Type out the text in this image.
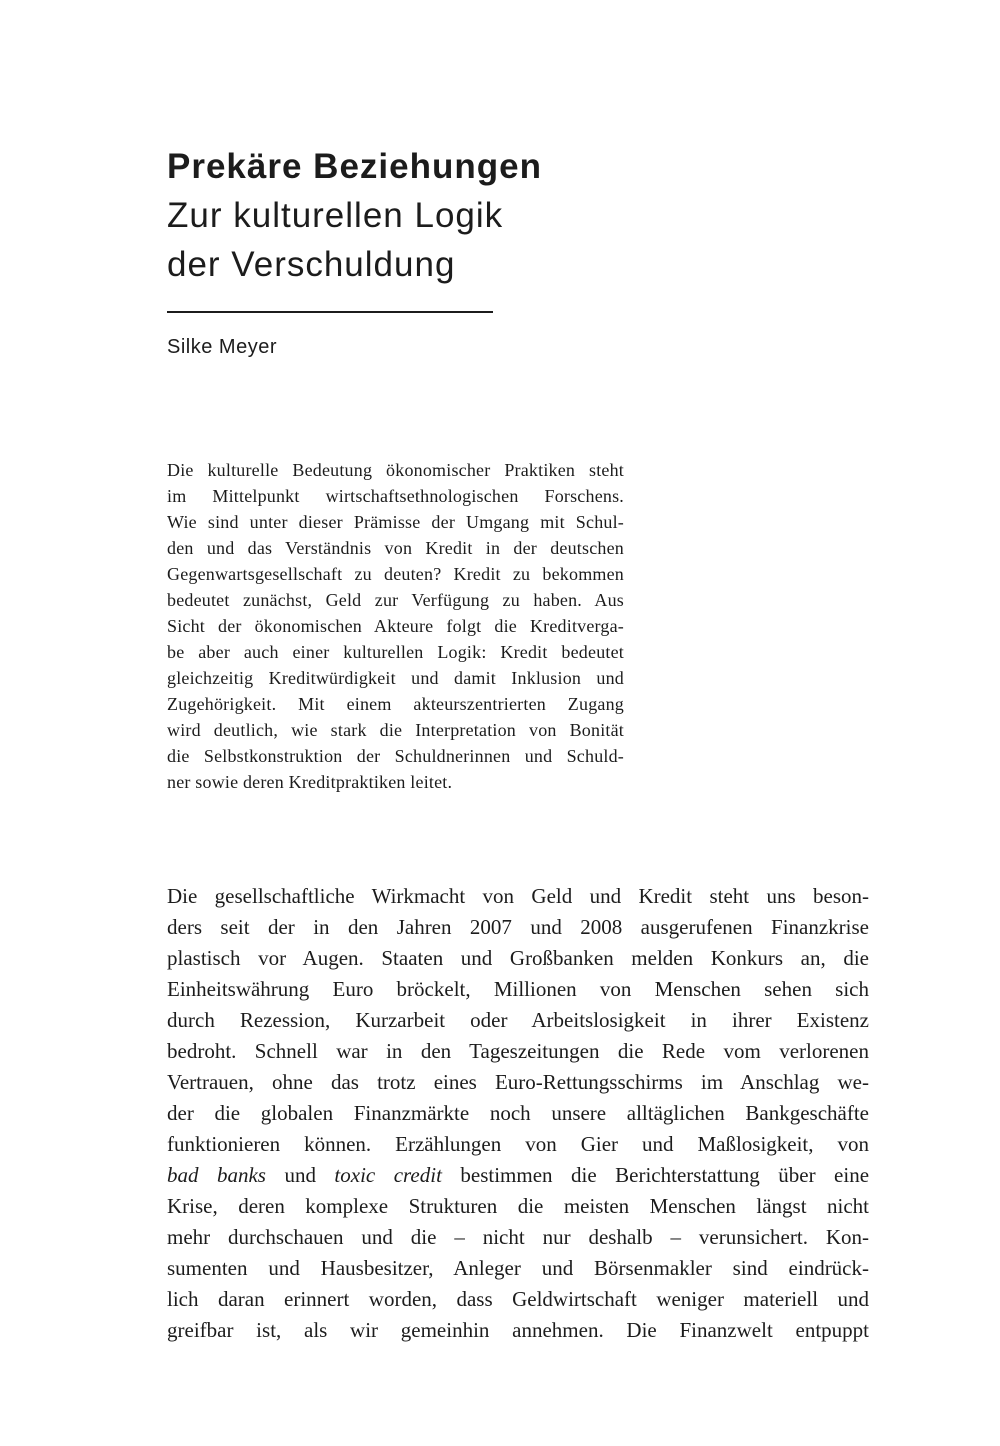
Prekäre Beziehungen
Zur kulturellen Logik
der Verschuldung
Silke Meyer
Die kulturelle Bedeutung ökonomischer Praktiken steht
im Mittelpunkt wirtschaftsethnologischen Forschens.
Wie sind unter dieser Prämisse der Umgang mit Schul-
den und das Verständnis von Kredit in der deutschen
Gegenwartsgesellschaft zu deuten? Kredit zu bekommen
bedeutet zunächst, Geld zur Verfügung zu haben. Aus
Sicht der ökonomischen Akteure folgt die Kreditverga-
be aber auch einer kulturellen Logik: Kredit bedeutet
gleichzeitig Kreditwürdigkeit und damit Inklusion und
Zugehörigkeit. Mit einem akteurszentrierten Zugang
wird deutlich, wie stark die Interpretation von Bonität
die Selbstkonstruktion der Schuldnerinnen und Schuld-
ner sowie deren Kreditpraktiken leitet.
Die gesellschaftliche Wirkmacht von Geld und Kredit steht uns beson-
ders seit der in den Jahren 2007 und 2008 ausgerufenen Finanzkrise
plastisch vor Augen. Staaten und Großbanken melden Konkurs an, die
Einheitswährung Euro bröckelt, Millionen von Menschen sehen sich
durch Rezession, Kurzarbeit oder Arbeitslosigkeit in ihrer Existenz
bedroht. Schnell war in den Tageszeitungen die Rede vom verlorenen
Vertrauen, ohne das trotz eines Euro-Rettungsschirms im Anschlag we-
der die globalen Finanzmärkte noch unsere alltäglichen Bankgeschäfte
funktionieren können. Erzählungen von Gier und Maßlosigkeit, von
bad banks und toxic credit bestimmen die Berichterstattung über eine
Krise, deren komplexe Strukturen die meisten Menschen längst nicht
mehr durchschauen und die – nicht nur deshalb – verunsichert. Kon-
sumenten und Hausbesitzer, Anleger und Börsenmakler sind eindrück-
lich daran erinnert worden, dass Geldwirtschaft weniger materiell und
greifbar ist, als wir gemeinhin annehmen. Die Finanzwelt entpuppt
